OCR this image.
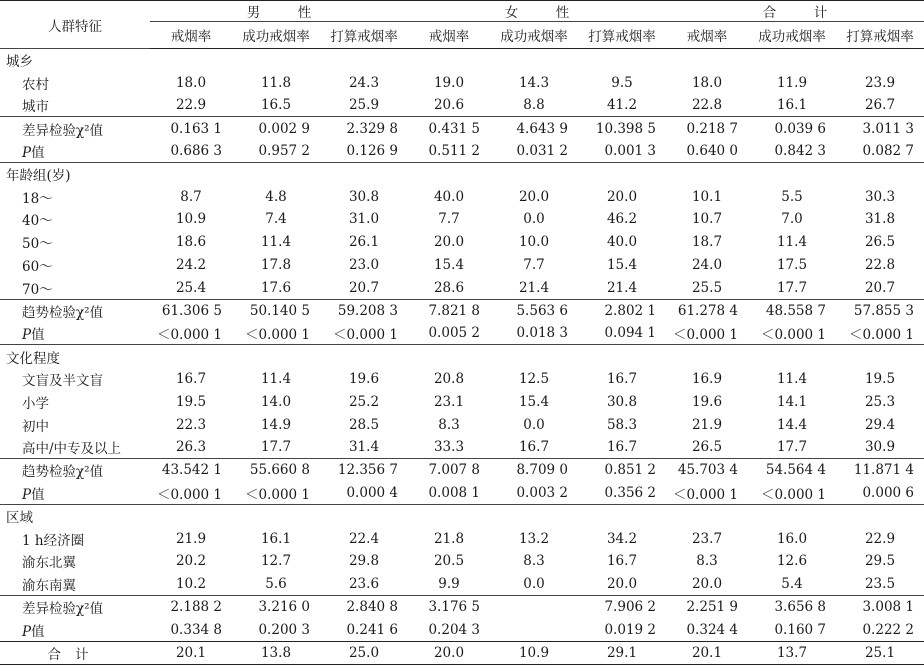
人群特征	男　性			女　性			合　计		
	戒烟率	成功戒烟率	打算戒烟率	戒烟率	成功戒烟率	打算戒烟率	戒烟率	成功戒烟率	打算戒烟率
城乡									
农村	18.0	11.8	24.3	19.0	14.3	9.5	18.0	11.9	23.9
城市	22.9	16.5	25.9	20.6	8.8	41.2	22.8	16.1	26.7
差异检验χ²值	0.163 1	0.002 9	2.329 8	0.431 5	4.643 9	10.398 5	0.218 7	0.039 6	3.011 3
P值	0.686 3	0.957 2	0.126 9	0.511 2	0.031 2	0.001 3	0.640 0	0.842 3	0.082 7
年龄组(岁)									
18～	8.7	4.8	30.8	40.0	20.0	20.0	10.1	5.5	30.3
40～	10.9	7.4	31.0	7.7	0.0	46.2	10.7	7.0	31.8
50～	18.6	11.4	26.1	20.0	10.0	40.0	18.7	11.4	26.5
60～	24.2	17.8	23.0	15.4	7.7	15.4	24.0	17.5	22.8
70～	25.4	17.6	20.7	28.6	21.4	21.4	25.5	17.7	20.7
趋势检验χ²值	61.306 5	50.140 5	59.208 3	7.821 8	5.563 6	2.802 1	61.278 4	48.558 7	57.855 3
P值	＜0.000 1	＜0.000 1	＜0.000 1	0.005 2	0.018 3	0.094 1	＜0.000 1	＜0.000 1	＜0.000 1
文化程度									
文盲及半文盲	16.7	11.4	19.6	20.8	12.5	16.7	16.9	11.4	19.5
小学	19.5	14.0	25.2	23.1	15.4	30.8	19.6	14.1	25.3
初中	22.3	14.9	28.5	8.3	0.0	58.3	21.9	14.4	29.4
高中/中专及以上	26.3	17.7	31.4	33.3	16.7	16.7	26.5	17.7	30.9
趋势检验χ²值	43.542 1	55.660 8	12.356 7	7.007 8	8.709 0	0.851 2	45.703 4	54.564 4	11.871 4
P值	＜0.000 1	＜0.000 1	0.000 4	0.008 1	0.003 2	0.356 2	＜0.000 1	＜0.000 1	0.000 6
区域									
1 h经济圈	21.9	16.1	22.4	21.8	13.2	34.2	23.7	16.0	22.9
渝东北翼	20.2	12.7	29.8	20.5	8.3	16.7	8.3	12.6	29.5
渝东南翼	10.2	5.6	23.6	9.9	0.0	20.0	20.0	5.4	23.5
差异检验χ²值	2.188 2	3.216 0	2.840 8	3.176 5		7.906 2	2.251 9	3.656 8	3.008 1
P值	0.334 8	0.200 3	0.241 6	0.204 3		0.019 2	0.324 4	0.160 7	0.222 2
合计	20.1	13.8	25.0	20.0	10.9	29.1	20.1	13.7	25.1
